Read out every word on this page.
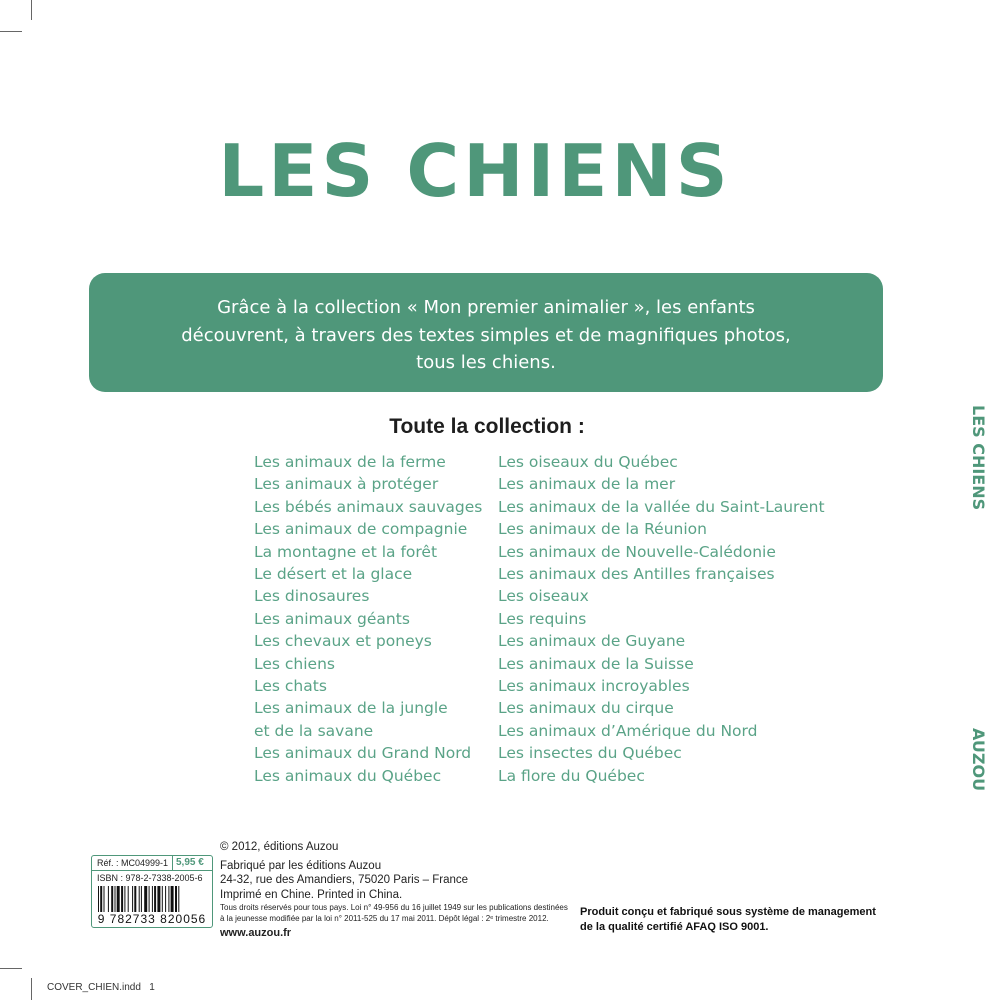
LES CHIENS
Grâce à la collection « Mon premier animalier », les enfants
découvrent, à travers des textes simples et de magnifiques photos,
tous les chiens.
Toute la collection :
Les animaux de la ferme
Les animaux à protéger
Les bébés animaux sauvages
Les animaux de compagnie
La montagne et la forêt
Le désert et la glace
Les dinosaures
Les animaux géants
Les chevaux et poneys
Les chiens
Les chats
Les animaux de la jungle
et de la savane
Les animaux du Grand Nord
Les animaux du Québec
Les oiseaux du Québec
Les animaux de la mer
Les animaux de la vallée du Saint-Laurent
Les animaux de la Réunion
Les animaux de Nouvelle-Calédonie
Les animaux des Antilles françaises
Les oiseaux
Les requins
Les animaux de Guyane
Les animaux de la Suisse
Les animaux incroyables
Les animaux du cirque
Les animaux d’Amérique du Nord
Les insectes du Québec
La flore du Québec
LES CHIENS
AUZOU
Réf. : MC04999-1 5,95 €
ISBN : 978-2-7338-2005-6
9 782733 820056
© 2012, éditions Auzou
Fabriqué par les éditions Auzou
24-32, rue des Amandiers, 75020 Paris – France
Imprimé en Chine. Printed in China.
Tous droits réservés pour tous pays. Loi n° 49-956 du 16 juillet 1949 sur les publications destinées
à la jeunesse modifiée par la loi n° 2011-525 du 17 mai 2011. Dépôt légal : 2ᵉ trimestre 2012.
www.auzou.fr
Produit conçu et fabriqué sous système de management
de la qualité certifié AFAQ ISO 9001.
COVER_CHIEN.indd   1
